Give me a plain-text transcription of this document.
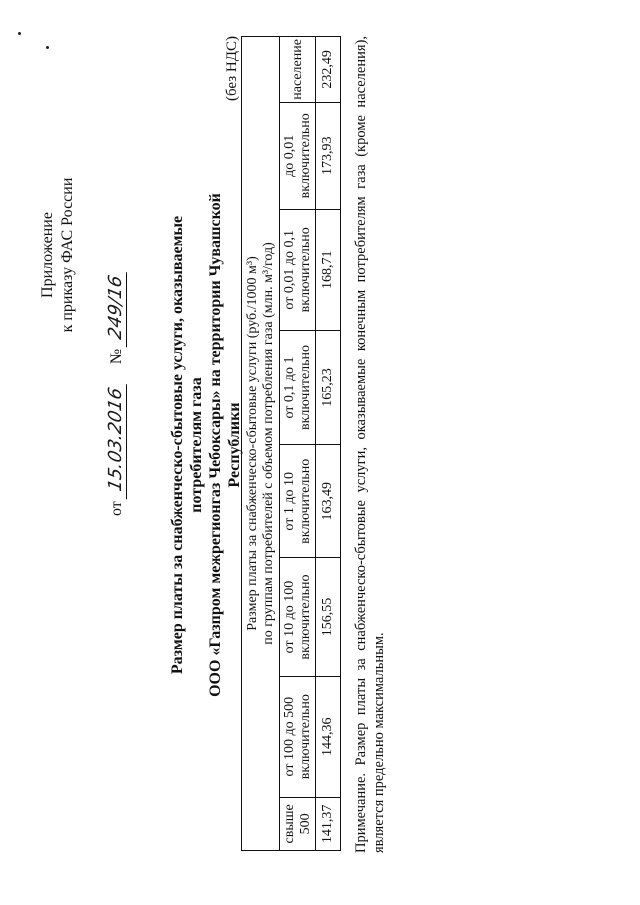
Приложение к приказу ФАС России
от 15.03.2016  № 249/16	Размер платы за снабженческо-сбытовые услуги, оказываемые потребителям газа ООО «Газпром межрегионгаз Чебоксары» на территории Чувашской Республики
(без НДС)
Размер платы за снабженческо-сбытовые услуги (руб./1000 м³) по группам потребителей с объемом потребления газа (млн. м³/год)							

свыше 500	от 100 до 500 включительно	от 10 до 100 включительно	от 1 до 10 включительно	от 0,1 до 1 включительно	от 0,01 до 0,1 включительно	до 0,01 включительно	население
141,37	144,36	156,55	163,49	165,23	168,71	173,93	232,49 Примечание. Размер платы за снабженческо-сбытовые услуги, оказываемые конечным потребителям газа (кроме населения), является предельно максимальным.
